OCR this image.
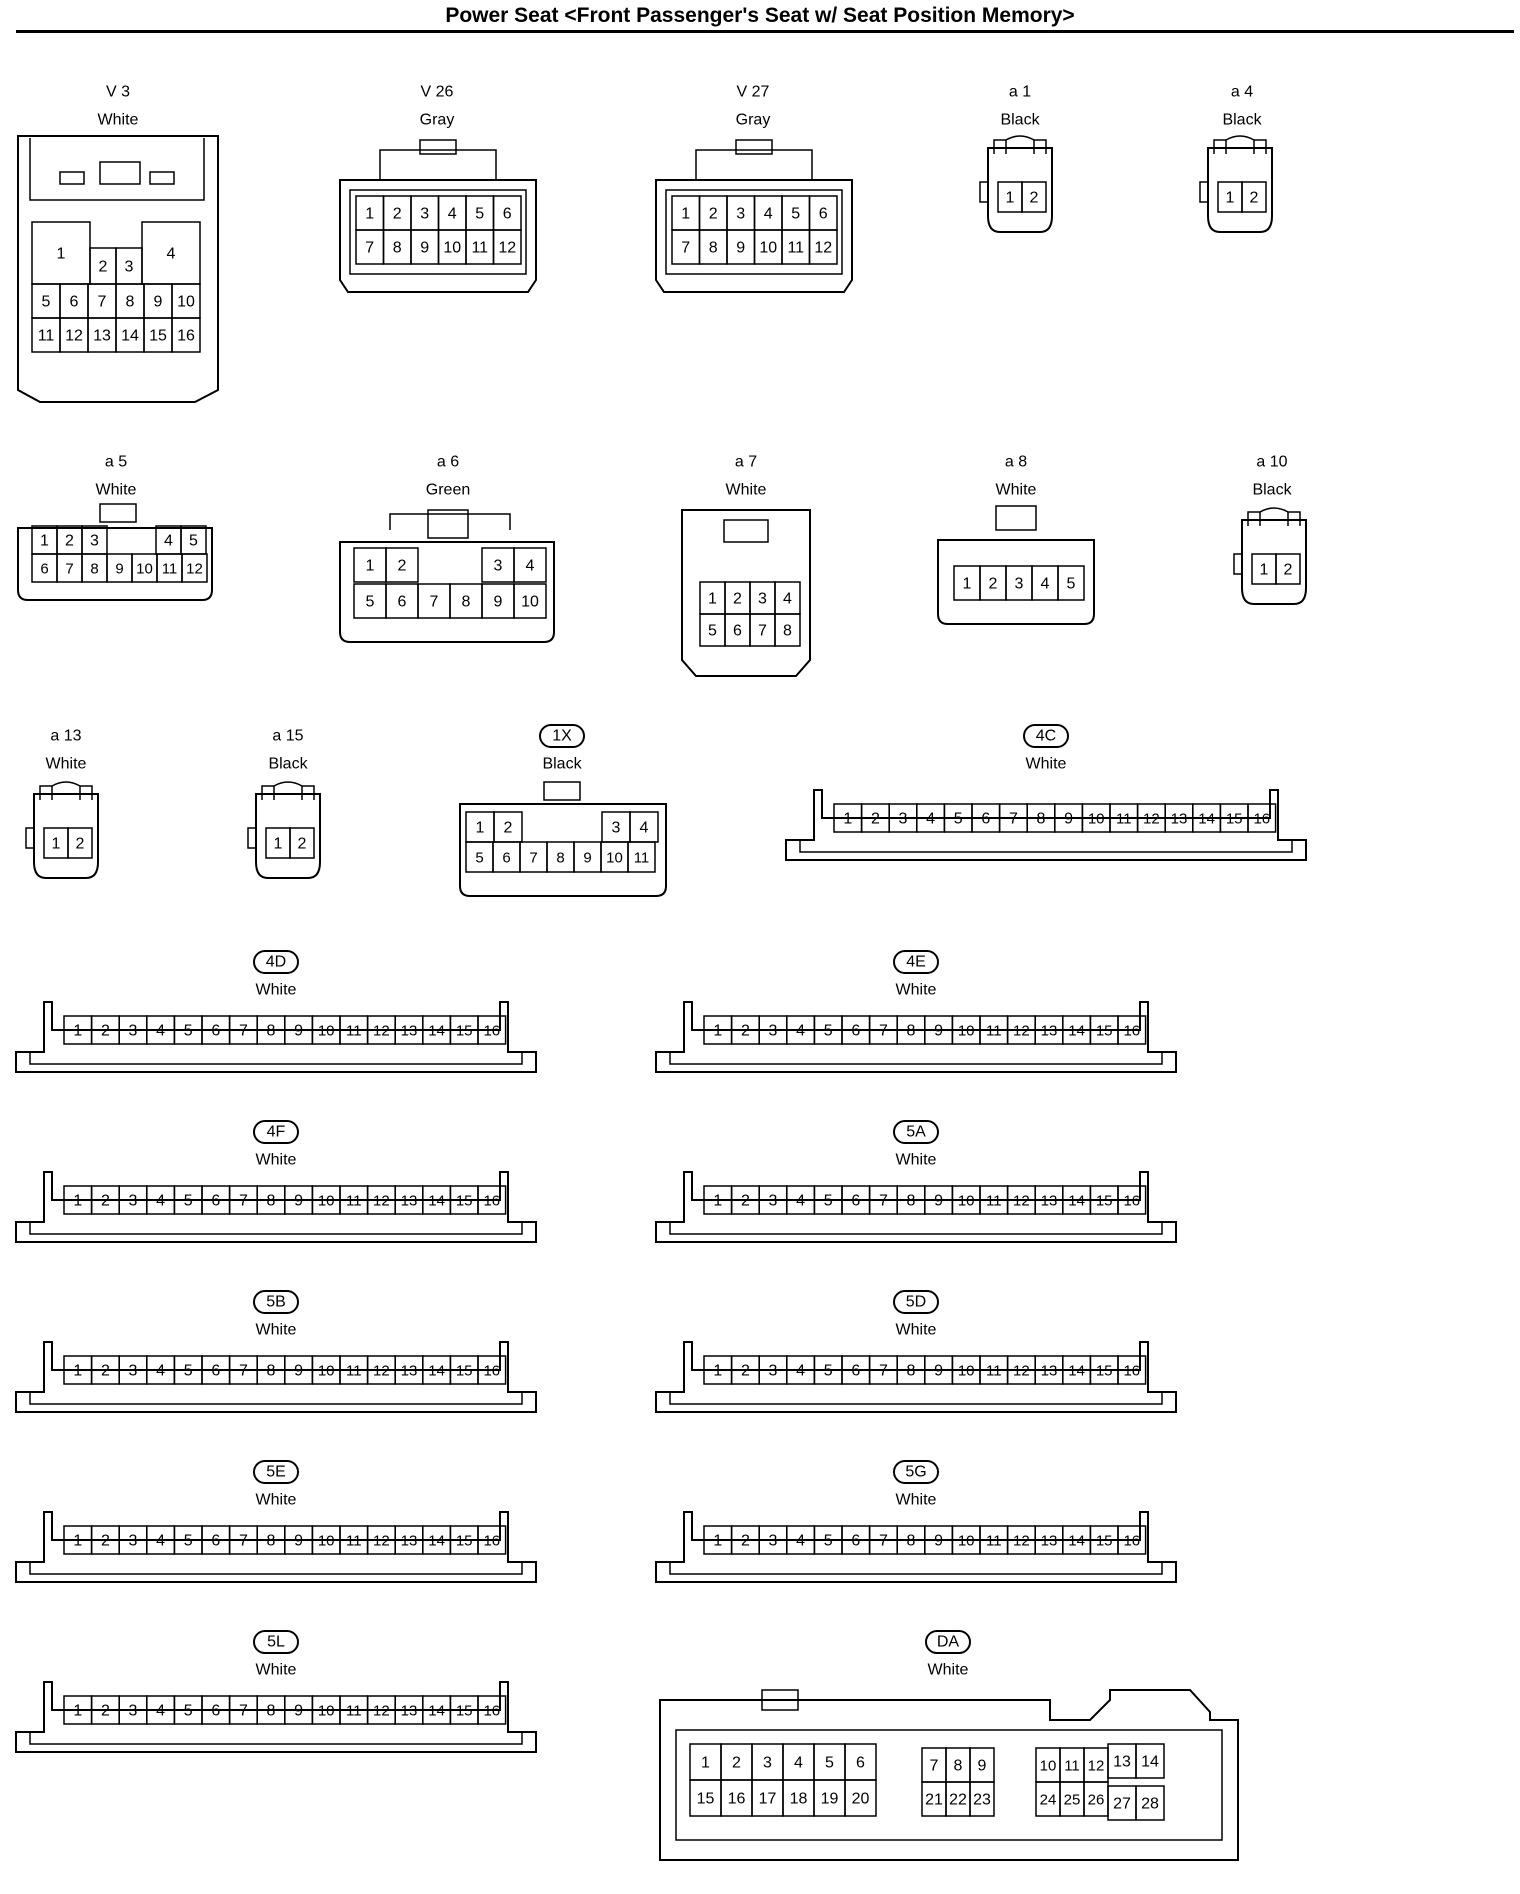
Power Seat <Front Passenger's Seat w/ Seat Position Memory>
V 3
White
1
2 3
4
5 6 7 8 9 10
11 12 13 14 15 16
V 26
Gray
1 2 3 4 5 6
7 8 9 10 11 12
V 27
Gray
1 2 3 4 5 6
7 8 9 10 11 12
a 1
Black
1 2
a 4
Black
1 2
a 5
White
1 2 3	4 5
6 7 8 9 10 11 12
a 6
Green
1 2	3 4
5 6 7 8 9 10
a 7
White
1 2 3 4
5 6 7 8
a 8
White
1 2 3 4 5
a 10
Black
1 2
a 13
White
1 2
a 15
Black
1 2
1X
Black
1 2	3 4
5 6 7 8 9 10 11
4C
White
1 2 3 4 5 6 7 8 9 10 11 12 13 14 15 16
4D
White
1 2 3 4 5 6 7 8 9 10 11 12 13 14 15 16
4E
White
1 2 3 4 5 6 7 8 9 10 11 12 13 14 15 16
4F
White
1 2 3 4 5 6 7 8 9 10 11 12 13 14 15 16
5A
White
1 2 3 4 5 6 7 8 9 10 11 12 13 14 15 16
5B
White
1 2 3 4 5 6 7 8 9 10 11 12 13 14 15 16
5D
White
1 2 3 4 5 6 7 8 9 10 11 12 13 14 15 16
5E
White
1 2 3 4 5 6 7 8 9 10 11 12 13 14 15 16
5G
White
1 2 3 4 5 6 7 8 9 10 11 12 13 14 15 16
5L
White
1 2 3 4 5 6 7 8 9 10 11 12 13 14 15 16
DA
White
1 2 3 4 5 6
15 16 17 18 19 20
7 8 9
21 22 23
10 11 12 13 14
24 25 26 27 28
